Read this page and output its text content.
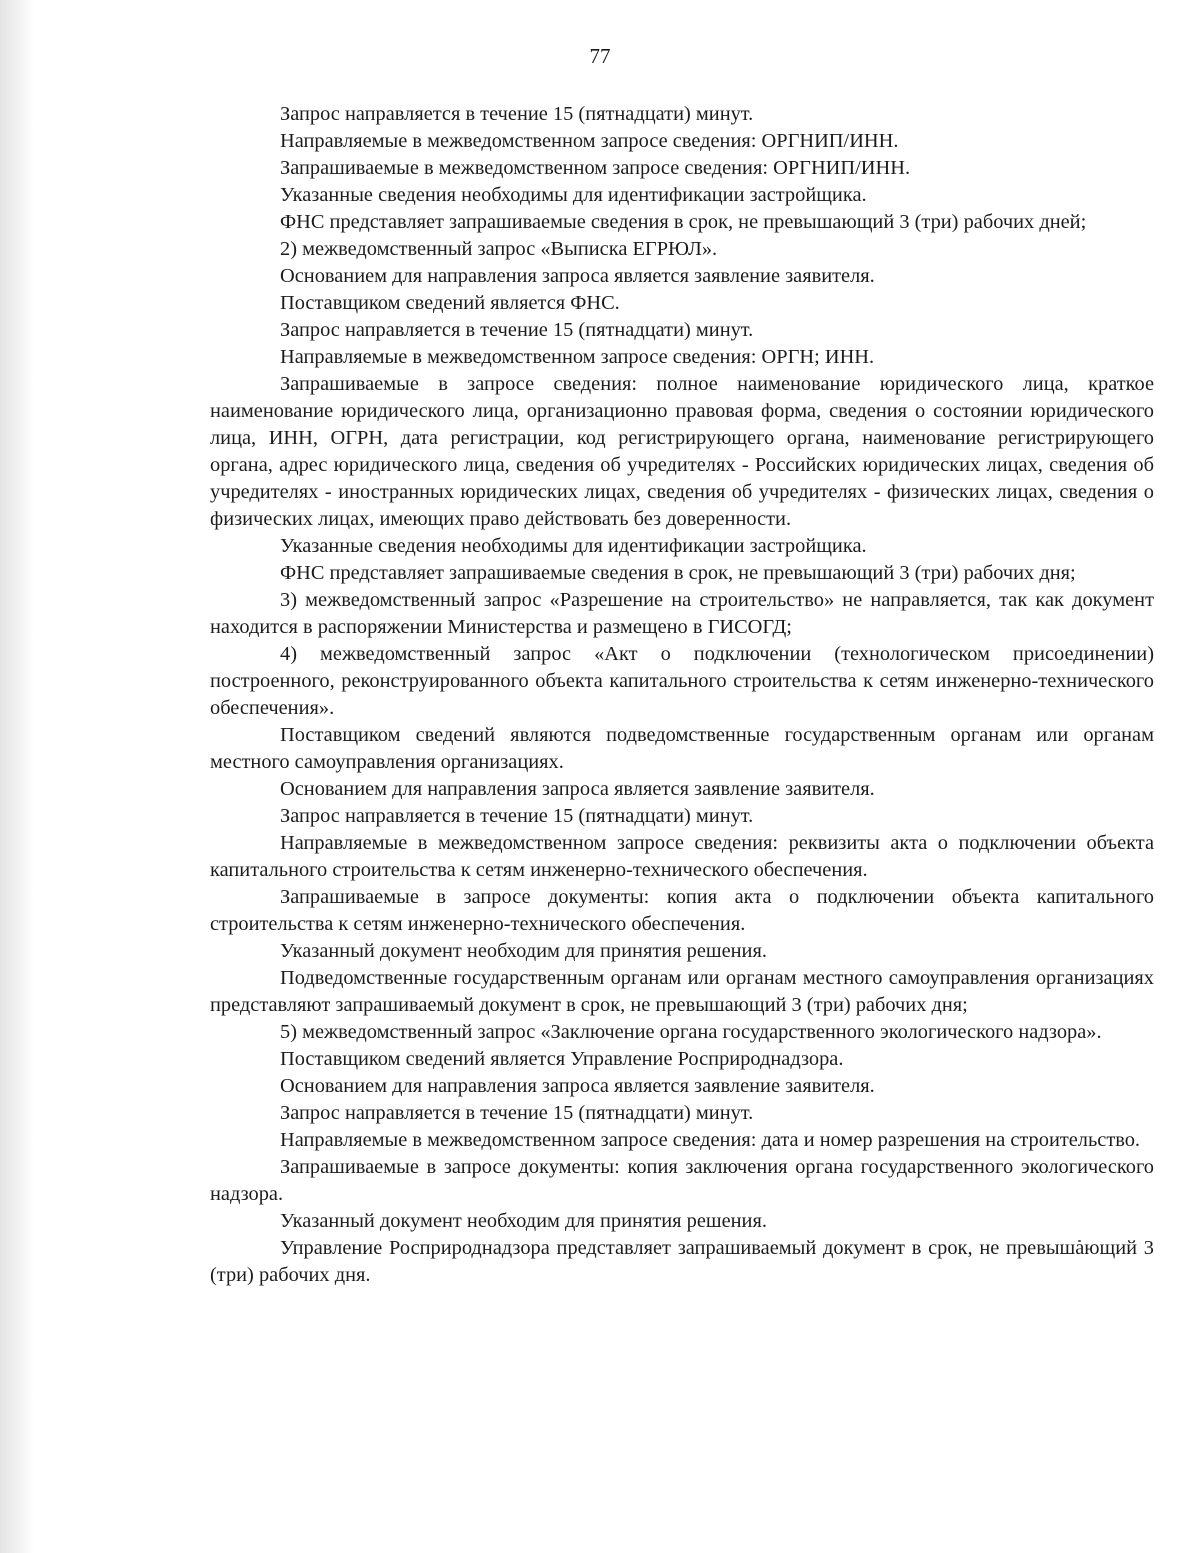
77

Запрос направляется в течение 15 (пятнадцати) минут.

Направляемые в межведомственном запросе сведения: ОРГНИП/ИНН.

Запрашиваемые в межведомственном запросе сведения: ОРГНИП/ИНН.

Указанные сведения необходимы для идентификации застройщика.

ФНС представляет запрашиваемые сведения в срок, не превышающий 3 (три) рабочих дней;

2) межведомственный запрос «Выписка ЕГРЮЛ».

Основанием для направления запроса является заявление заявителя.

Поставщиком сведений является ФНС.

Запрос направляется в течение 15 (пятнадцати) минут.

Направляемые в межведомственном запросе сведения: ОРГН; ИНН.

Запрашиваемые в запросе сведения: полное наименование юридического лица, краткое наименование юридического лица, организационно правовая форма, сведения о состоянии юридического лица, ИНН, ОГРН, дата регистрации, код регистрирующего органа, наименование регистрирующего органа, адрес юридического лица, сведения об учредителях - Российских юридических лицах, сведения об учредителях - иностранных юридических лицах, сведения об учредителях - физических лицах, сведения о физических лицах, имеющих право действовать без доверенности.

Указанные сведения необходимы для идентификации застройщика.

ФНС представляет запрашиваемые сведения в срок, не превышающий 3 (три) рабочих дня;

3) межведомственный запрос «Разрешение на строительство» не направляется, так как документ находится в распоряжении Министерства и размещено в ГИСОГД;

4) межведомственный запрос «Акт о подключении (технологическом присоединении) построенного, реконструированного объекта капитального строительства к сетям инженерно-технического обеспечения».

Поставщиком сведений являются подведомственные государственным органам или органам местного самоуправления организациях.

Основанием для направления запроса является заявление заявителя.

Запрос направляется в течение 15 (пятнадцати) минут.

Направляемые в межведомственном запросе сведения: реквизиты акта о подключении объекта капитального строительства к сетям инженерно-технического обеспечения.

Запрашиваемые в запросе документы: копия акта о подключении объекта капитального строительства к сетям инженерно-технического обеспечения.

Указанный документ необходим для принятия решения.

Подведомственные государственным органам или органам местного самоуправления организациях представляют запрашиваемый документ в срок, не превышающий 3 (три) рабочих дня;

5) межведомственный запрос «Заключение органа государственного экологического надзора».

Поставщиком сведений является Управление Росприроднадзора.

Основанием для направления запроса является заявление заявителя.

Запрос направляется в течение 15 (пятнадцати) минут.

Направляемые в межведомственном запросе сведения: дата и номер разрешения на строительство.

Запрашиваемые в запросе документы: копия заключения органа государственного экологического надзора.

Указанный документ необходим для принятия решения.

Управление Росприроднадзора представляет запрашиваемый документ в срок, не превышающий 3 (три) рабочих дня.
